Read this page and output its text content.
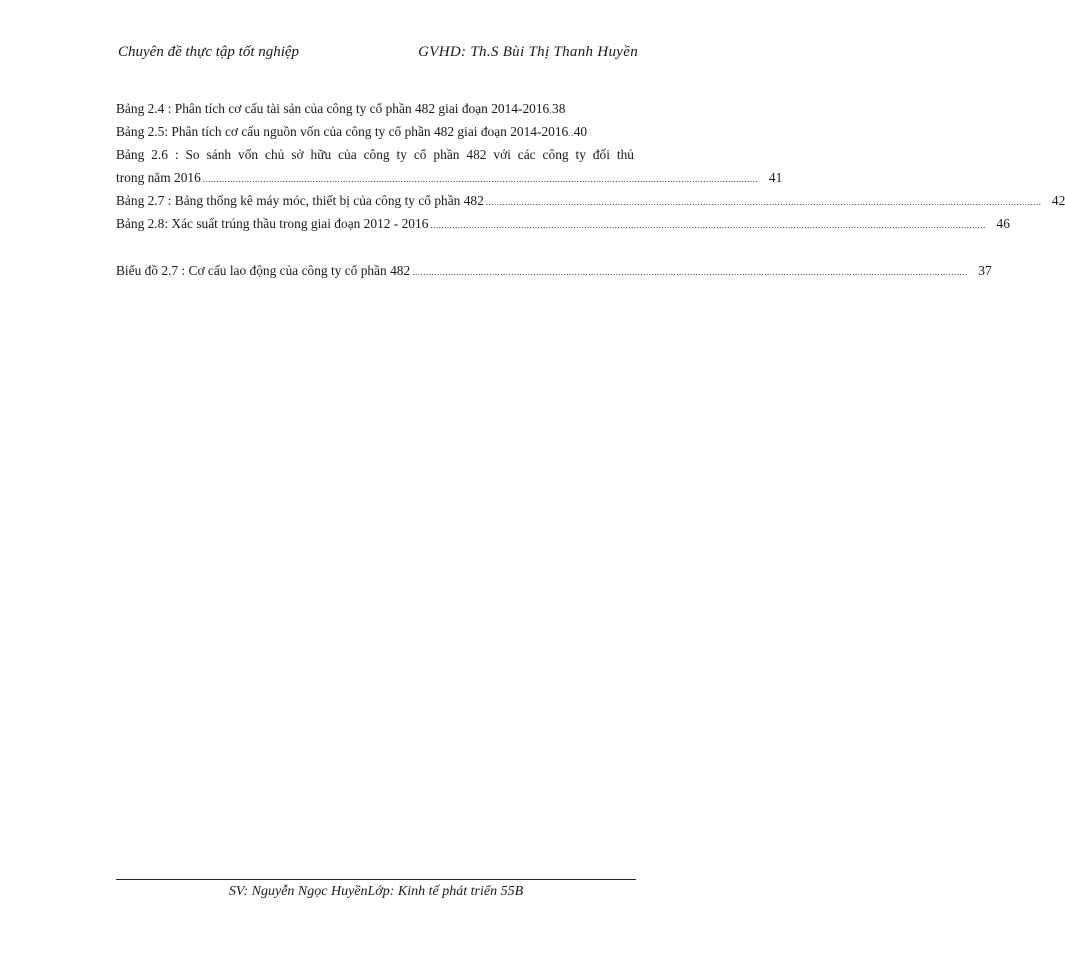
Chuyên đề thực tập tốt nghiệp	GVHD: Th.S Bùi Thị Thanh Huyền
Bảng 2.4 : Phân tích cơ cấu tài sản của công ty cổ phần 482 giai đoạn 2014-2016 . 38
Bảng 2.5: Phân tích cơ cấu nguồn vốn của công ty cổ phần 482 giai đoạn 2014-2016 .. 40
Bảng 2.6 : So sánh vốn chủ sở hữu của công ty cổ phần 482 với các công ty đối thủ
trong năm 2016 .......................................................................................................................................................................................................... 41
Bảng 2.7 : Bảng thống kê máy móc, thiết bị của công ty cổ phần 482 .......................................................................................................................................................................................................... 42
Bảng 2.8: Xác suất trúng thầu trong giai đoạn 2012 - 2016 .......................................................................................................................................................................................................... 46
Biểu đồ 2.7 : Cơ cấu lao động của công ty cổ phần 482 .......................................................................................................................................................................................................... 37
SV: Nguyễn Ngọc HuyềnLớp: Kinh tế phát triển 55B
